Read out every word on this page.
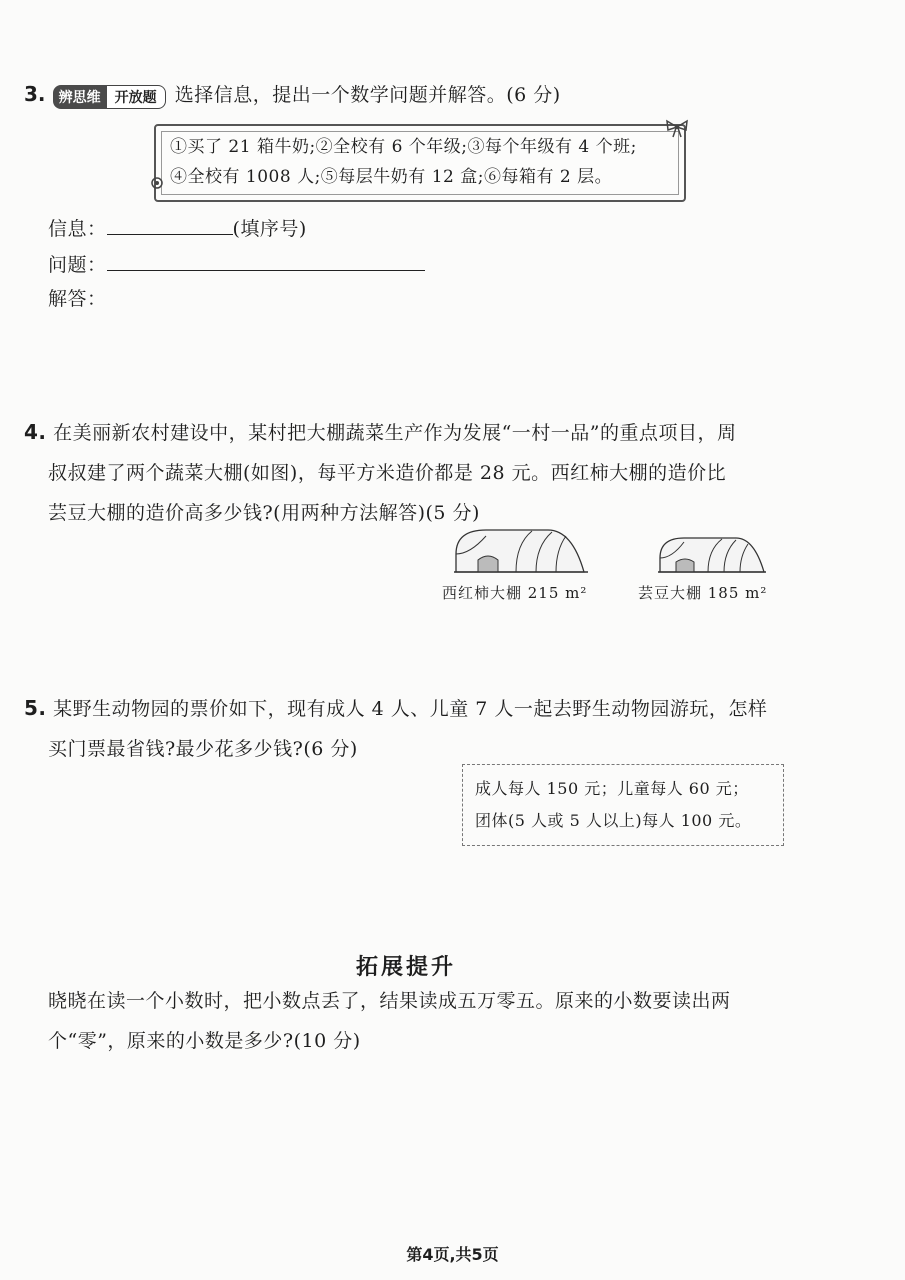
3. 辨思维 开放题 选择信息，提出一个数学问题并解答。(6 分)
①买了 21 箱牛奶;②全校有 6 个年级;③每个年级有 4 个班;
④全校有 1008 人;⑤每层牛奶有 12 盒;⑥每箱有 2 层。
信息：	(填序号)
问题：
解答：
4. 在美丽新农村建设中，某村把大棚蔬菜生产作为发展“一村一品”的重点项目，周
叔叔建了两个蔬菜大棚(如图)，每平方米造价都是 28 元。西红柿大棚的造价比
芸豆大棚的造价高多少钱?(用两种方法解答)(5 分)
西红柿大棚 215 m²	芸豆大棚 185 m²
5. 某野生动物园的票价如下，现有成人 4 人、儿童 7 人一起去野生动物园游玩，怎样
买门票最省钱?最少花多少钱?(6 分)
成人每人 150 元；儿童每人 60 元；
团体(5 人或 5 人以上)每人 100 元。
拓展提升
晓晓在读一个小数时，把小数点丢了，结果读成五万零五。原来的小数要读出两
个“零”，原来的小数是多少?(10 分)
第4页,共5页
